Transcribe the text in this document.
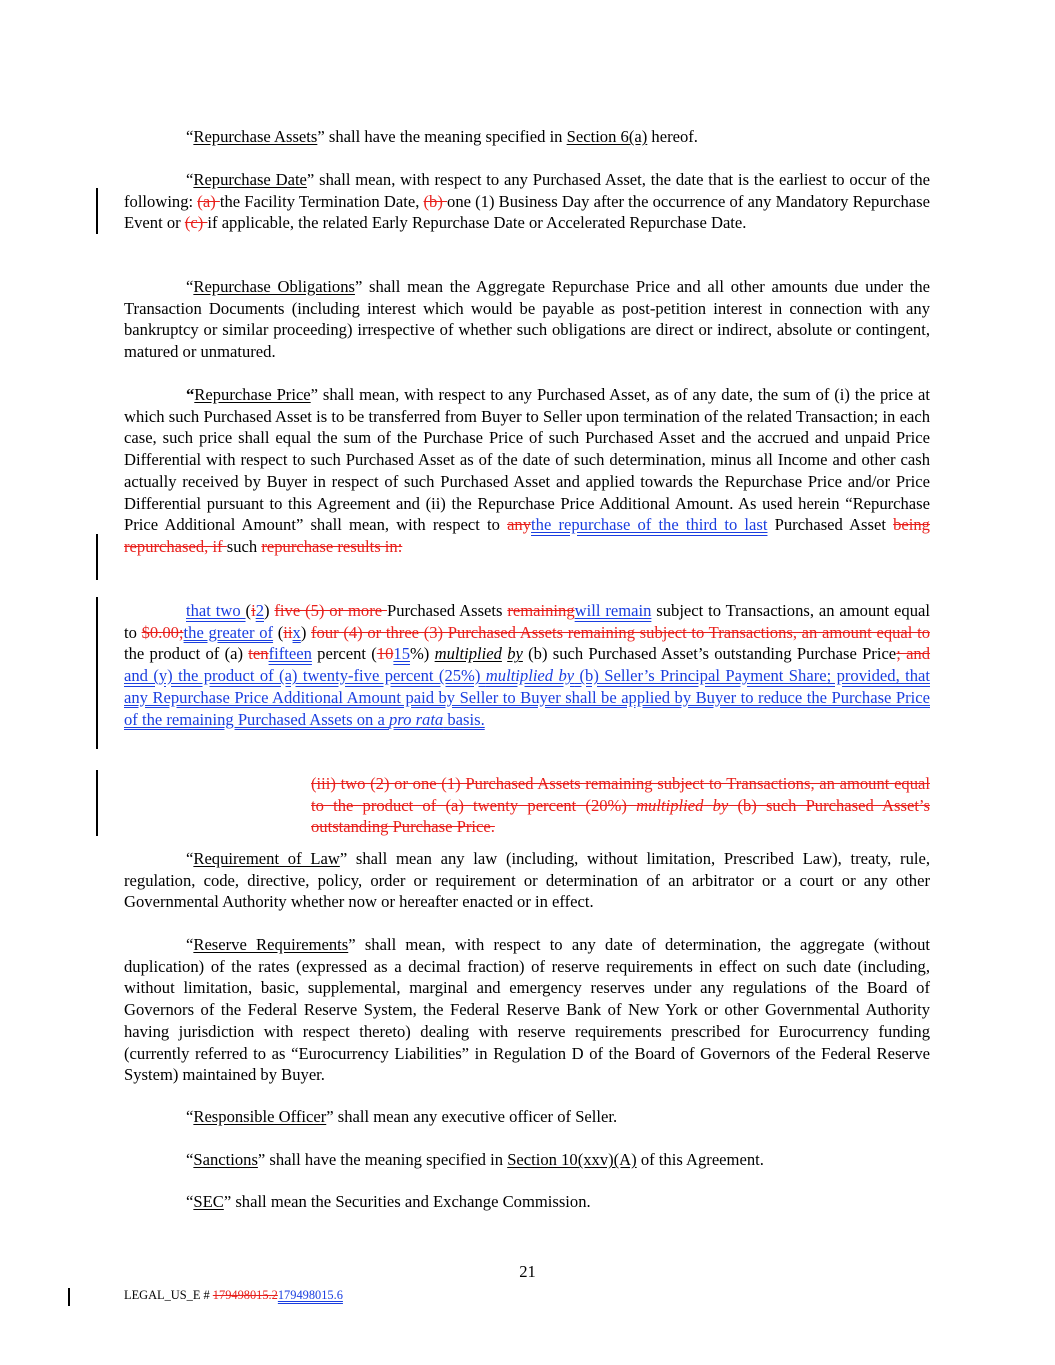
“Repurchase Assets” shall have the meaning specified in Section 6(a) hereof.

“Repurchase Date” shall mean, with respect to any Purchased Asset, the date that is the earliest to occur of the following: (a) the Facility Termination Date, (b) one (1) Business Day after the occurrence of any Mandatory Repurchase Event or (c) if applicable, the related Early Repurchase Date or Accelerated Repurchase Date.

“Repurchase Obligations” shall mean the Aggregate Repurchase Price and all other amounts due under the Transaction Documents (including interest which would be payable as post-petition interest in connection with any bankruptcy or similar proceeding) irrespective of whether such obligations are direct or indirect, absolute or contingent, matured or unmatured.

“Repurchase Price” shall mean, with respect to any Purchased Asset, as of any date, the sum of (i) the price at which such Purchased Asset is to be transferred from Buyer to Seller upon termination of the related Transaction; in each case, such price shall equal the sum of the Purchase Price of such Purchased Asset and the accrued and unpaid Price Differential with respect to such Purchased Asset as of the date of such determination, minus all Income and other cash actually received by Buyer in respect of such Purchased Asset and applied towards the Repurchase Price and/or Price Differential pursuant to this Agreement and (ii) the Repurchase Price Additional Amount. As used herein “Repurchase Price Additional Amount” shall mean, with respect to anythe repurchase of the third to last Purchased Asset being repurchased, if such repurchase results in:

that two (i2) five (5) or more Purchased Assets remainingwill remain subject to Transactions, an amount equal to $0.00;the greater of (iix) four (4) or three (3) Purchased Assets remaining subject to Transactions, an amount equal to the product of (a) tenfifteen percent (1015%) multiplied by (b) such Purchased Asset’s outstanding Purchase Price; and and (y) the product of (a) twenty-five percent (25%) multiplied by (b) Seller’s Principal Payment Share; provided, that any Repurchase Price Additional Amount paid by Seller to Buyer shall be applied by Buyer to reduce the Purchase Price of the remaining Purchased Assets on a pro rata basis.

(iii) two (2) or one (1) Purchased Assets remaining subject to Transactions, an amount equal to the product of (a) twenty percent (20%) multiplied by (b) such Purchased Asset’s outstanding Purchase Price.

“Requirement of Law” shall mean any law (including, without limitation, Prescribed Law), treaty, rule, regulation, code, directive, policy, order or requirement or determination of an arbitrator or a court or any other Governmental Authority whether now or hereafter enacted or in effect.

“Reserve Requirements” shall mean, with respect to any date of determination, the aggregate (without duplication) of the rates (expressed as a decimal fraction) of reserve requirements in effect on such date (including, without limitation, basic, supplemental, marginal and emergency reserves under any regulations of the Board of Governors of the Federal Reserve System, the Federal Reserve Bank of New York or other Governmental Authority having jurisdiction with respect thereto) dealing with reserve requirements prescribed for Eurocurrency funding (currently referred to as “Eurocurrency Liabilities” in Regulation D of the Board of Governors of the Federal Reserve System) maintained by Buyer.

“Responsible Officer” shall mean any executive officer of Seller.

“Sanctions” shall have the meaning specified in Section 10(xxv)(A) of this Agreement.

“SEC” shall mean the Securities and Exchange Commission.

21
LEGAL_US_E # 179498015.2179498015.6
